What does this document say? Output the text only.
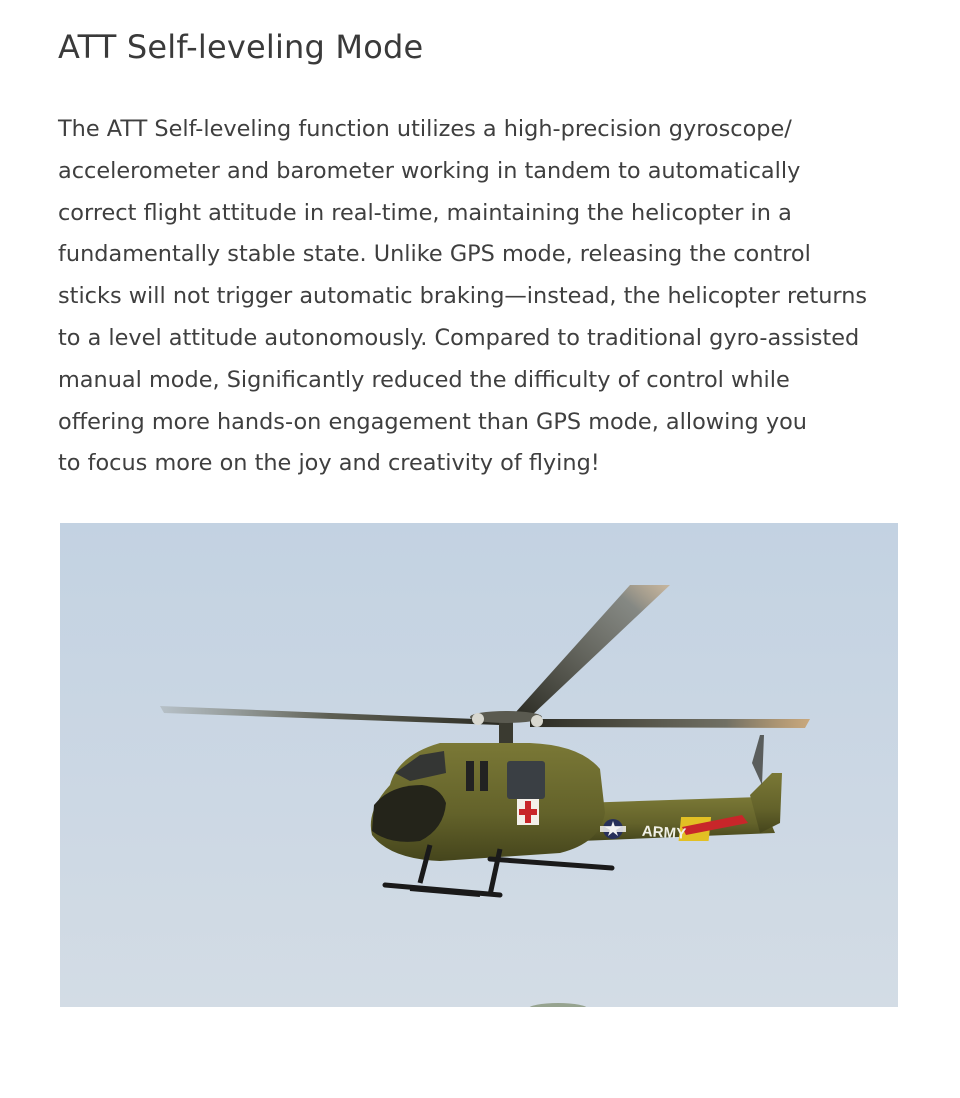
ATT Self-leveling Mode

The ATT Self-leveling function utilizes a high-precision gyroscope/
accelerometer and barometer working in tandem to automatically
correct flight attitude in real-time, maintaining the helicopter in a
fundamentally stable state. Unlike GPS mode, releasing the control
sticks will not trigger automatic braking—instead, the helicopter returns
to a level attitude autonomously. Compared to traditional gyro-assisted
manual mode, Significantly reduced the difficulty of control while
offering more hands-on engagement than GPS mode, allowing you
to focus more on the joy and creativity of flying!

ARMY
